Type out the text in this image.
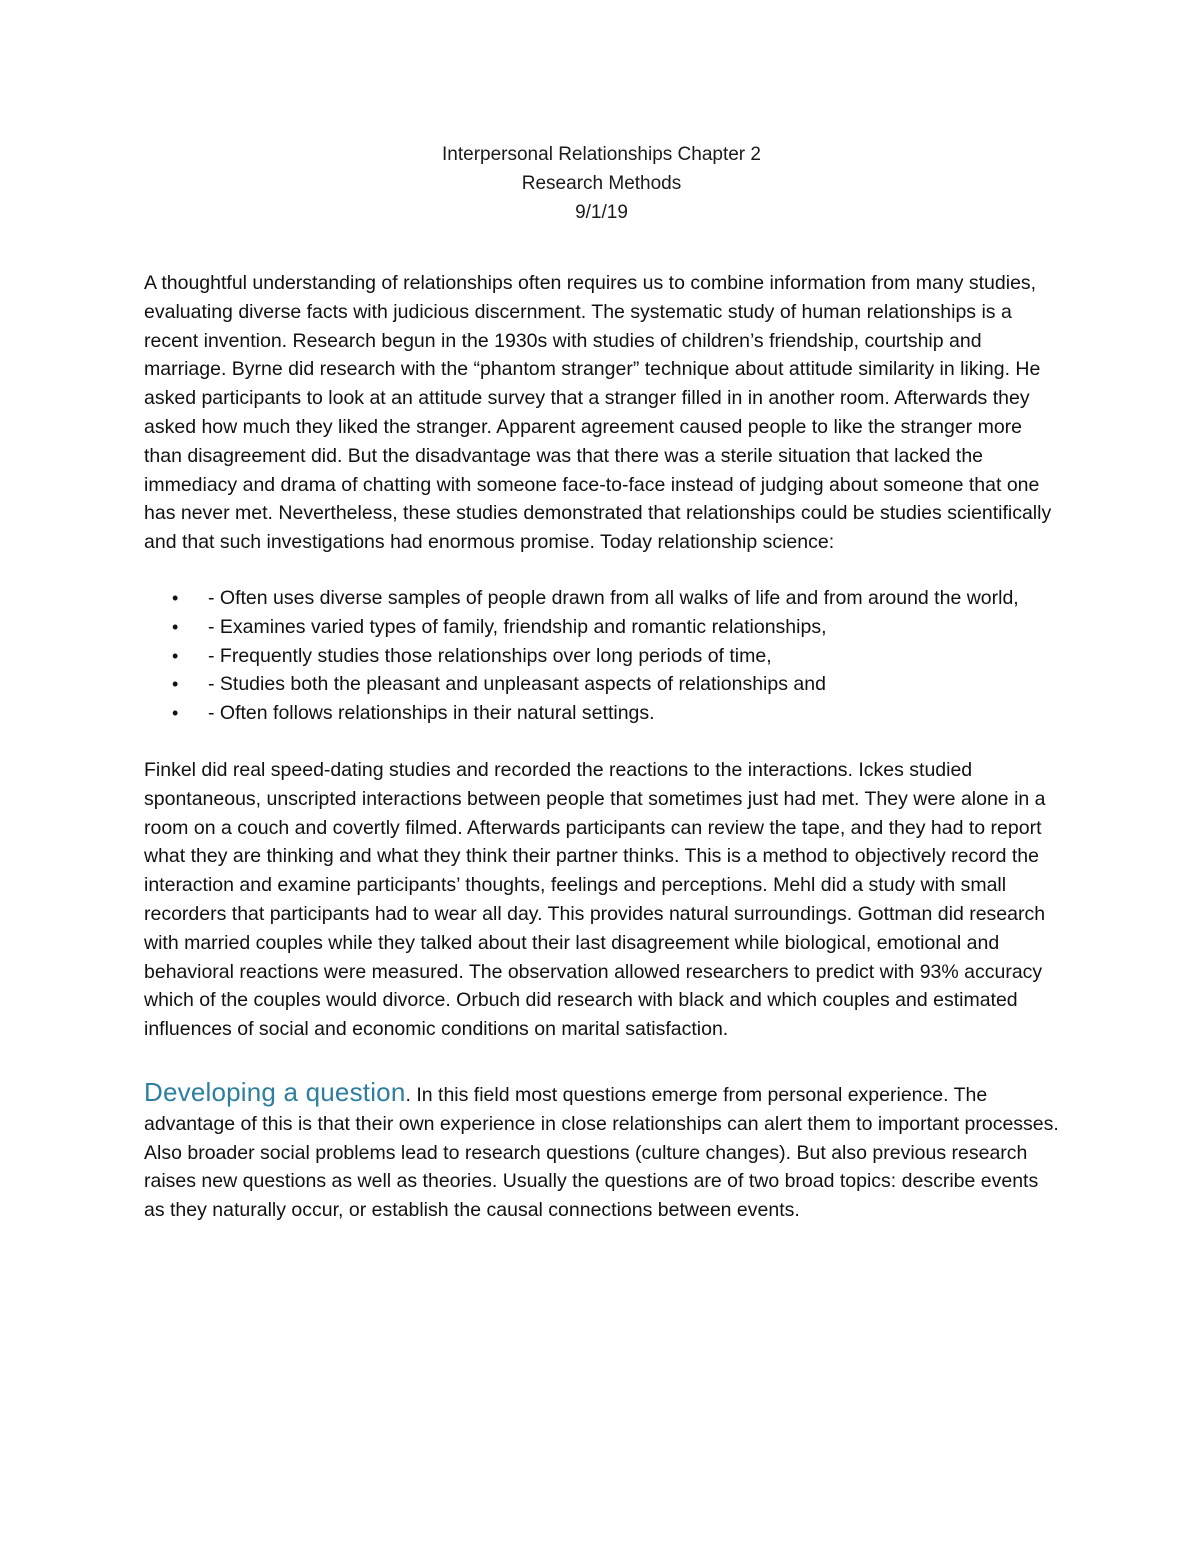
Interpersonal Relationships Chapter 2
Research Methods
9/1/19

A thoughtful understanding of relationships often requires us to combine information from many studies, evaluating diverse facts with judicious discernment. The systematic study of human relationships is a recent invention. Research begun in the 1930s with studies of children’s friendship, courtship and marriage. Byrne did research with the “phantom stranger” technique about attitude similarity in liking. He asked participants to look at an attitude survey that a stranger filled in in another room. Afterwards they asked how much they liked the stranger. Apparent agreement caused people to like the stranger more than disagreement did. But the disadvantage was that there was a sterile situation that lacked the immediacy and drama of chatting with someone face-to-face instead of judging about someone that one has never met. Nevertheless, these studies demonstrated that relationships could be studies scientifically and that such investigations had enormous promise. Today relationship science:

• - Often uses diverse samples of people drawn from all walks of life and from around the world,
• - Examines varied types of family, friendship and romantic relationships,
• - Frequently studies those relationships over long periods of time,
• - Studies both the pleasant and unpleasant aspects of relationships and
• - Often follows relationships in their natural settings.

Finkel did real speed-dating studies and recorded the reactions to the interactions. Ickes studied spontaneous, unscripted interactions between people that sometimes just had met. They were alone in a room on a couch and covertly filmed. Afterwards participants can review the tape, and they had to report what they are thinking and what they think their partner thinks. This is a method to objectively record the interaction and examine participants’ thoughts, feelings and perceptions. Mehl did a study with small recorders that participants had to wear all day. This provides natural surroundings. Gottman did research with married couples while they talked about their last disagreement while biological, emotional and behavioral reactions were measured. The observation allowed researchers to predict with 93% accuracy which of the couples would divorce. Orbuch did research with black and which couples and estimated influences of social and economic conditions on marital satisfaction.

Developing a question. In this field most questions emerge from personal experience. The advantage of this is that their own experience in close relationships can alert them to important processes. Also broader social problems lead to research questions (culture changes). But also previous research raises new questions as well as theories. Usually the questions are of two broad topics: describe events as they naturally occur, or establish the causal connections between events.
